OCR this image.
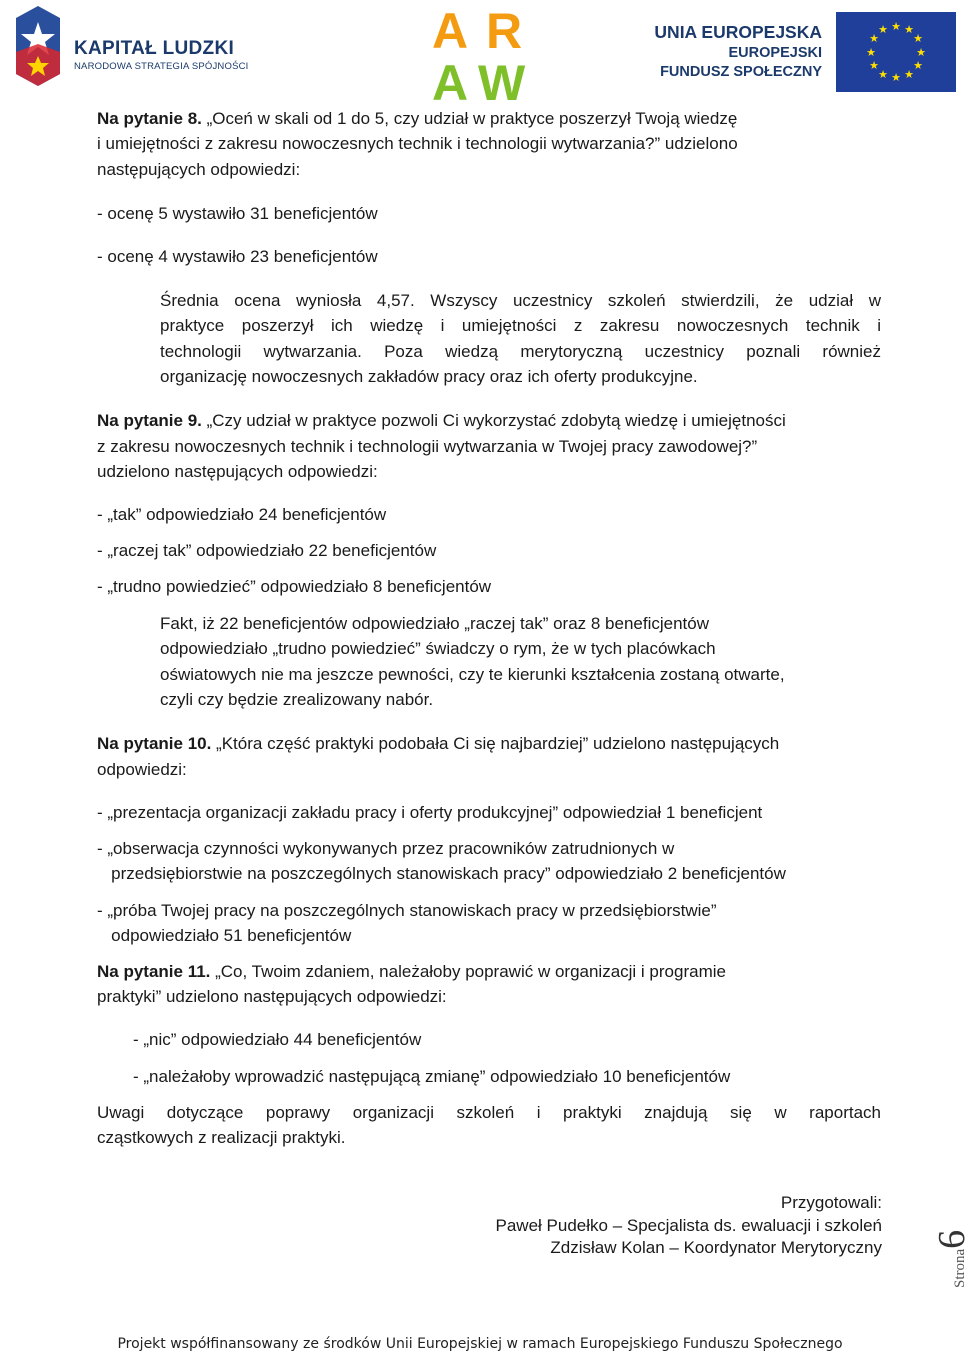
KAPITAŁ LUDZKI
NARODOWA STRATEGIA SPÓJNOŚCI
A R
A W
UNIA EUROPEJSKA
EUROPEJSKI
FUNDUSZ SPOŁECZNY
★ ★
★
★
★
★
★
★
★
★
★
★
Na pytanie 8. „Oceń w skali od 1 do 5, czy udział w praktyce poszerzył Twoją wiedzę
i umiejętności z zakresu nowoczesnych technik i technologii wytwarzania?” udzielono
następujących odpowiedzi:
- ocenę 5 wystawiło 31 beneficjentów
- ocenę 4 wystawiło 23 beneficjentów
Średnia ocena wyniosła 4,57. Wszyscy uczestnicy szkoleń stwierdzili, że udział w
praktyce poszerzył ich wiedzę i umiejętności z zakresu nowoczesnych technik i
technologii wytwarzania. Poza wiedzą merytoryczną uczestnicy poznali również
organizację nowoczesnych zakładów pracy oraz ich oferty produkcyjne.
Na pytanie 9. „Czy udział w praktyce pozwoli Ci wykorzystać zdobytą wiedzę i umiejętności
z zakresu nowoczesnych technik i technologii wytwarzania w Twojej pracy zawodowej?”
udzielono następujących odpowiedzi:
- „tak” odpowiedziało 24 beneficjentów
- „raczej tak” odpowiedziało 22 beneficjentów
- „trudno powiedzieć” odpowiedziało 8 beneficjentów
Fakt, iż 22 beneficjentów odpowiedziało „raczej tak” oraz 8 beneficjentów
odpowiedziało „trudno powiedzieć” świadczy o rym, że w tych placówkach
oświatowych nie ma jeszcze pewności, czy te kierunki kształcenia zostaną otwarte,
czyli czy będzie zrealizowany nabór.
Na pytanie 10. „Która część praktyki podobała Ci się najbardziej” udzielono następujących
odpowiedzi:
- „prezentacja organizacji zakładu pracy i oferty produkcyjnej” odpowiedział 1 beneficjent
- „obserwacja czynności wykonywanych przez pracowników zatrudnionych w
przedsiębiorstwie na poszczególnych stanowiskach pracy” odpowiedziało 2 beneficjentów
- „próba Twojej pracy na poszczególnych stanowiskach pracy w przedsiębiorstwie”
odpowiedziało 51 beneficjentów
Na pytanie 11. „Co, Twoim zdaniem, należałoby poprawić w organizacji i programie
praktyki” udzielono następujących odpowiedzi:
- „nic” odpowiedziało 44 beneficjentów
- „należałoby wprowadzić następującą zmianę” odpowiedziało 10 beneficjentów
Uwagi dotyczące poprawy organizacji szkoleń i praktyki znajdują się w raportach
cząstkowych z realizacji praktyki.
Przygotowali:
Paweł Pudełko – Specjalista ds. ewaluacji i szkoleń
Zdzisław Kolan – Koordynator Merytoryczny
Strona6
Projekt współfinansowany ze środków Unii Europejskiej w ramach Europejskiego Funduszu Społecznego
